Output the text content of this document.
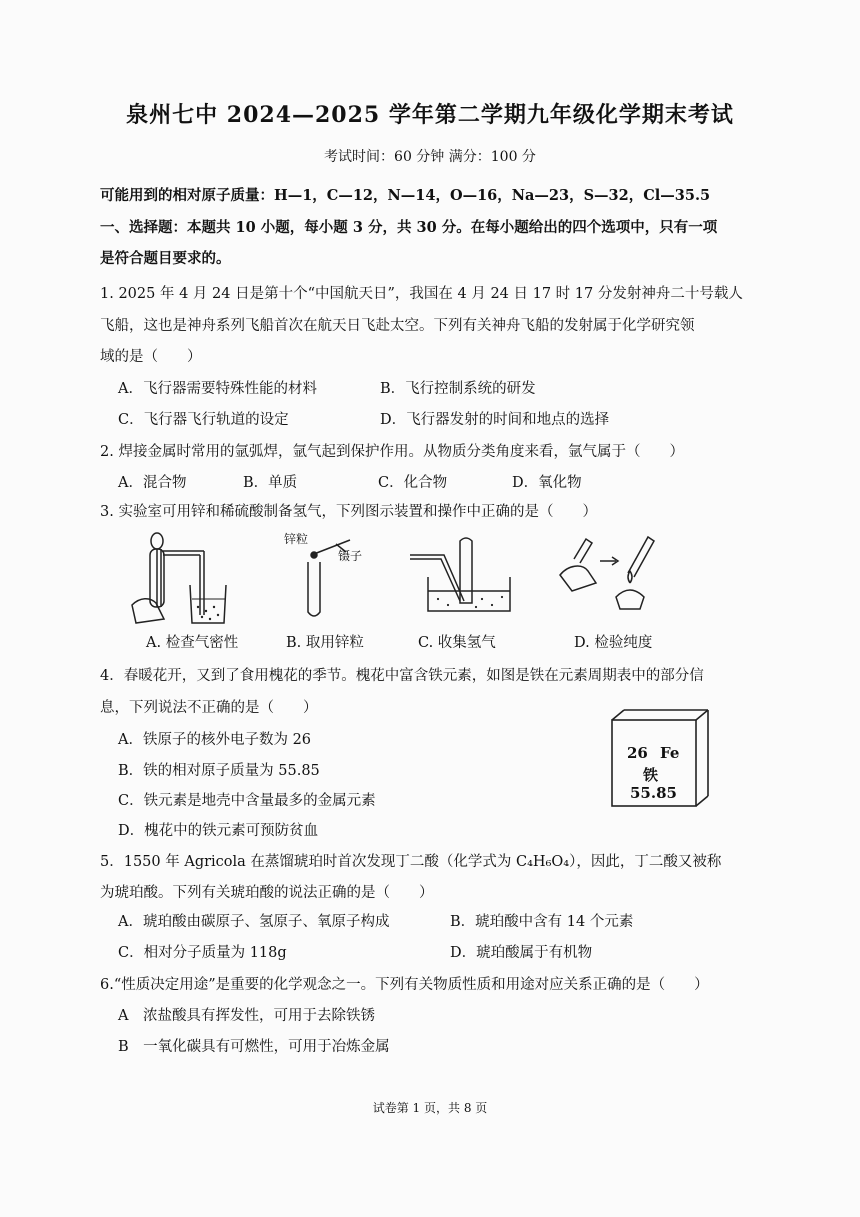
泉州七中 2024—2025 学年第二学期九年级化学期末考试
考试时间：60 分钟 满分：100 分
可能用到的相对原子质量：H—1，C—12，N—14，O—16，Na—23，S—32，Cl—35.5
一、选择题：本题共 10 小题，每小题 3 分，共 30 分。在每小题给出的四个选项中，只有一项
是符合题目要求的。
1. 2025 年 4 月 24 日是第十个“中国航天日”，我国在 4 月 24 日 17 时 17 分发射神舟二十号载人
飞船，这也是神舟系列飞船首次在航天日飞赴太空。下列有关神舟飞船的发射属于化学研究领
域的是（　　）
A．飞行器需要特殊性能的材料	B．飞行控制系统的研发
C．飞行器飞行轨道的设定	D．飞行器发射的时间和地点的选择
2. 焊接金属时常用的氩弧焊，氩气起到保护作用。从物质分类角度来看，氩气属于（　　）
A．混合物	B．单质	C．化合物	D．氧化物
3. 实验室可用锌和稀硫酸制备氢气，下列图示装置和操作中正确的是（　　）
锌粒
镊子
A. 检查气密性	B. 取用锌粒	C. 收集氢气	D. 检验纯度
4．春暖花开，又到了食用槐花的季节。槐花中富含铁元素，如图是铁在元素周期表中的部分信
息，下列说法不正确的是（　　）
A．铁原子的核外电子数为 26
B．铁的相对原子质量为 55.85
C．铁元素是地壳中含量最多的金属元素
D．槐花中的铁元素可预防贫血
26 Fe
铁
55.85
5．1550 年 Agricola 在蒸馏琥珀时首次发现丁二酸（化学式为 C₄H₆O₄），因此，丁二酸又被称
为琥珀酸。下列有关琥珀酸的说法正确的是（　　）
A．琥珀酸由碳原子、氢原子、氧原子构成	B．琥珀酸中含有 14 个元素
C．相对分子质量为 118g	D．琥珀酸属于有机物
6.“性质决定用途”是重要的化学观念之一。下列有关物质性质和用途对应关系正确的是（　　）
A　浓盐酸具有挥发性，可用于去除铁锈
B　一氧化碳具有可燃性，可用于冶炼金属
试卷第 1 页，共 8 页
